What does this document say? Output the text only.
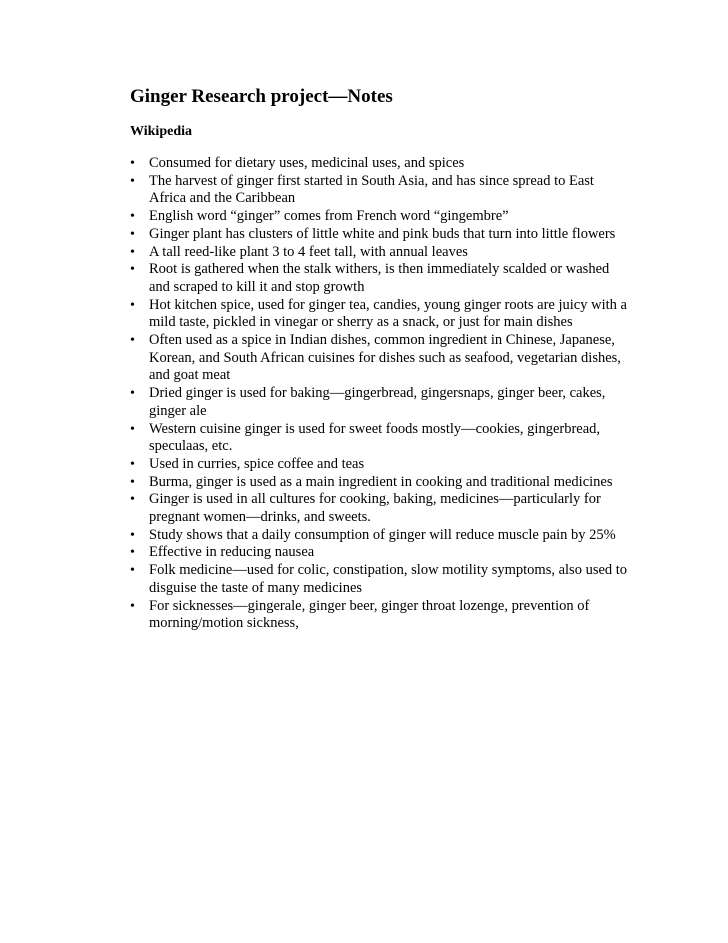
Ginger Research project—Notes
Wikipedia
• Consumed for dietary uses, medicinal uses, and spices
• The harvest of ginger first started in South Asia, and has since spread to East Africa and the Caribbean
• English word “ginger” comes from French word “gingembre”
• Ginger plant has clusters of little white and pink buds that turn into little flowers
• A tall reed-like plant 3 to 4 feet tall, with annual leaves
• Root is gathered when the stalk withers, is then immediately scalded or washed and scraped to kill it and stop growth
• Hot kitchen spice, used for ginger tea, candies, young ginger roots are juicy with a mild taste, pickled in vinegar or sherry as a snack, or just for main dishes
• Often used as a spice in Indian dishes, common ingredient in Chinese, Japanese, Korean, and South African cuisines for dishes such as seafood, vegetarian dishes, and goat meat
• Dried ginger is used for baking—gingerbread, gingersnaps, ginger beer, cakes, ginger ale
• Western cuisine ginger is used for sweet foods mostly—cookies, gingerbread, speculaas, etc.
• Used in curries, spice coffee and teas
• Burma, ginger is used as a main ingredient in cooking and traditional medicines
• Ginger is used in all cultures for cooking, baking, medicines—particularly for pregnant women—drinks, and sweets.
• Study shows that a daily consumption of ginger will reduce muscle pain by 25%
• Effective in reducing nausea
• Folk medicine—used for colic, constipation, slow motility symptoms, also used to disguise the taste of many medicines
• For sicknesses—gingerale, ginger beer, ginger throat lozenge, prevention of morning/motion sickness,
